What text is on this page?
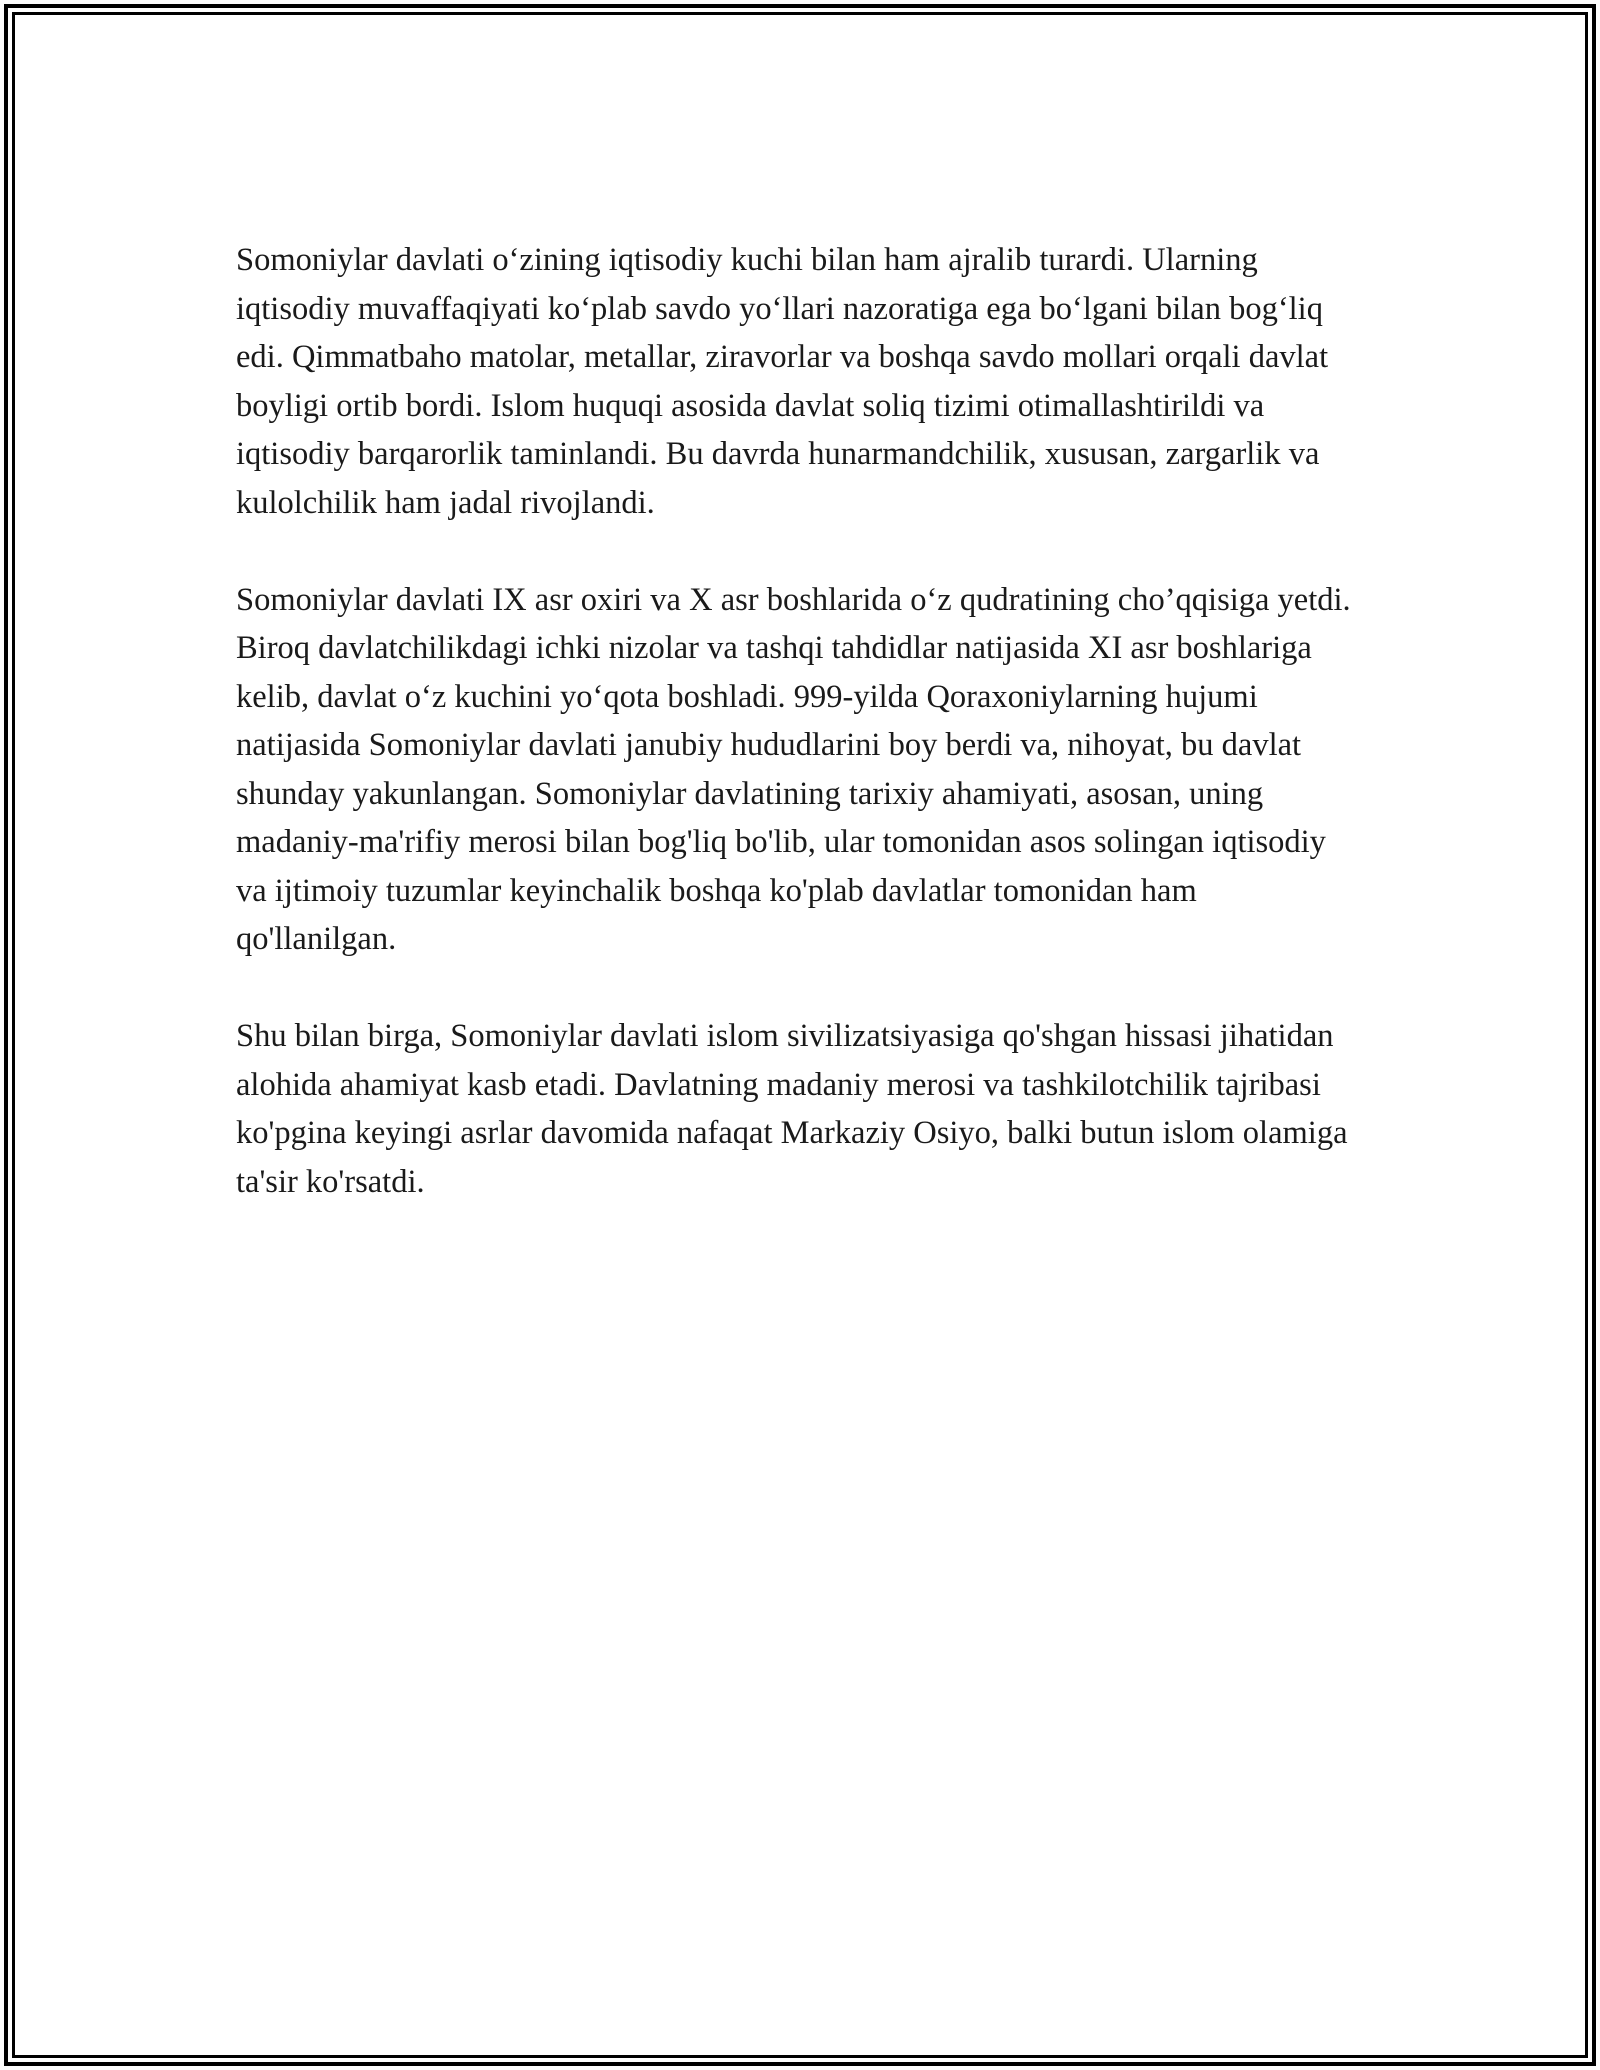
Somoniylar davlati o‘zining iqtisodiy kuchi bilan ham ajralib turardi. Ularning iqtisodiy muvaffaqiyati ko‘plab savdo yo‘llari nazoratiga ega bo‘lgani bilan bog‘liq edi. Qimmatbaho matolar, metallar, ziravorlar va boshqa savdo mollari orqali davlat boyligi ortib bordi. Islom huquqi asosida davlat soliq tizimi otimallashtirildi va iqtisodiy barqarorlik taminlandi. Bu davrda hunarmandchilik, xususan, zargarlik va kulolchilik ham jadal rivojlandi.

Somoniylar davlati IX asr oxiri va X asr boshlarida o‘z qudratining cho’qqisiga yetdi. Biroq davlatchilikdagi ichki nizolar va tashqi tahdidlar natijasida XI asr boshlariga kelib, davlat o‘z kuchini yo‘qota boshladi. 999-yilda Qoraxoniylarning hujumi natijasida Somoniylar davlati janubiy hududlarini boy berdi va, nihoyat, bu davlat shunday yakunlangan. Somoniylar davlatining tarixiy ahamiyati, asosan, uning madaniy-ma'rifiy merosi bilan bog'liq bo'lib, ular tomonidan asos solingan iqtisodiy va ijtimoiy tuzumlar keyinchalik boshqa ko'plab davlatlar tomonidan ham qo'llanilgan.

Shu bilan birga, Somoniylar davlati islom sivilizatsiyasiga qo'shgan hissasi jihatidan alohida ahamiyat kasb etadi. Davlatning madaniy merosi va tashkilotchilik tajribasi ko'pgina keyingi asrlar davomida nafaqat Markaziy Osiyo, balki butun islom olamiga ta'sir ko'rsatdi.
